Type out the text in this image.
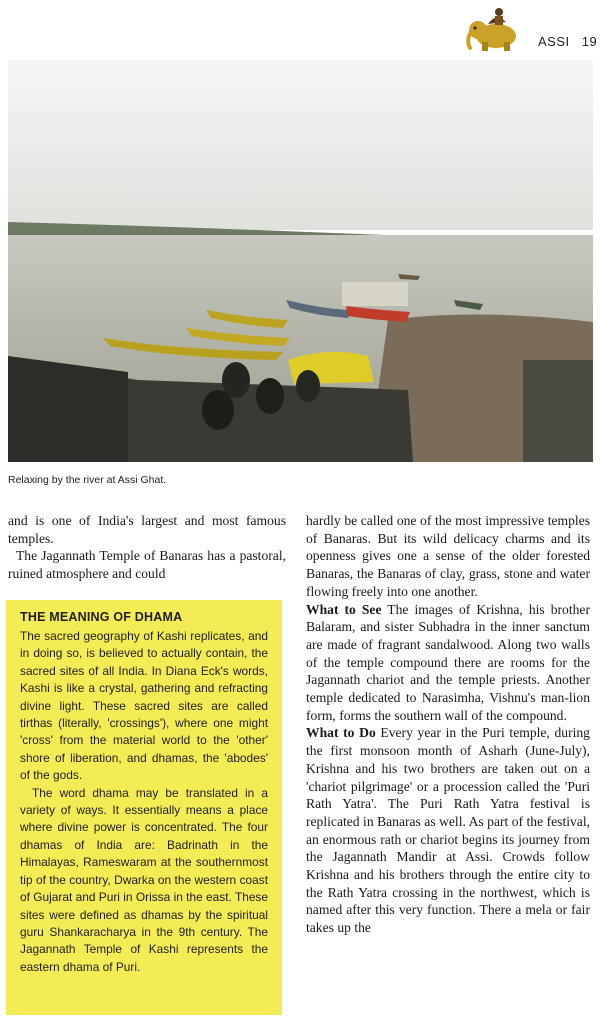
ASSI 19
Relaxing by the river at Assi Ghat.

and is one of India's largest and most famous temples.

The Jagannath Temple of Banaras has a pastoral, ruined atmosphere and could

THE MEANING OF DHAMA

The sacred geography of Kashi replicates, and in doing so, is believed to actually contain, the sacred sites of all India. In Diana Eck's words, Kashi is like a crystal, gathering and refracting divine light. These sacred sites are called tirthas (literally, 'crossings'), where one might 'cross' from the material world to the 'other' shore of liberation, and dhamas, the 'abodes' of the gods.

The word dhama may be translated in a variety of ways. It essentially means a place where divine power is concentrated. The four dhamas of India are: Badrinath in the Himalayas, Rameswaram at the southernmost tip of the country, Dwarka on the western coast of Gujarat and Puri in Orissa in the east. These sites were defined as dhamas by the spiritual guru Shankaracharya in the 9th century. The Jagannath Temple of Kashi represents the eastern dhama of Puri.

hardly be called one of the most impressive temples of Banaras. But its wild delicacy charms and its openness gives one a sense of the older forested Banaras, the Banaras of clay, grass, stone and water flowing freely into one another.

What to See The images of Krishna, his brother Balaram, and sister Subhadra in the inner sanctum are made of fragrant sandalwood. Along two walls of the temple compound there are rooms for the Jagannath chariot and the temple priests. Another temple dedicated to Narasimha, Vishnu's man-lion form, forms the southern wall of the compound.

What to Do Every year in the Puri temple, during the first monsoon month of Asharh (June-July), Krishna and his two brothers are taken out on a 'chariot pilgrimage' or a procession called the 'Puri Rath Yatra'. The Puri Rath Yatra festival is replicated in Banaras as well. As part of the festival, an enormous rath or chariot begins its journey from the Jagannath Mandir at Assi. Crowds follow Krishna and his brothers through the entire city to the Rath Yatra crossing in the northwest, which is named after this very function. There a mela or fair takes up the
